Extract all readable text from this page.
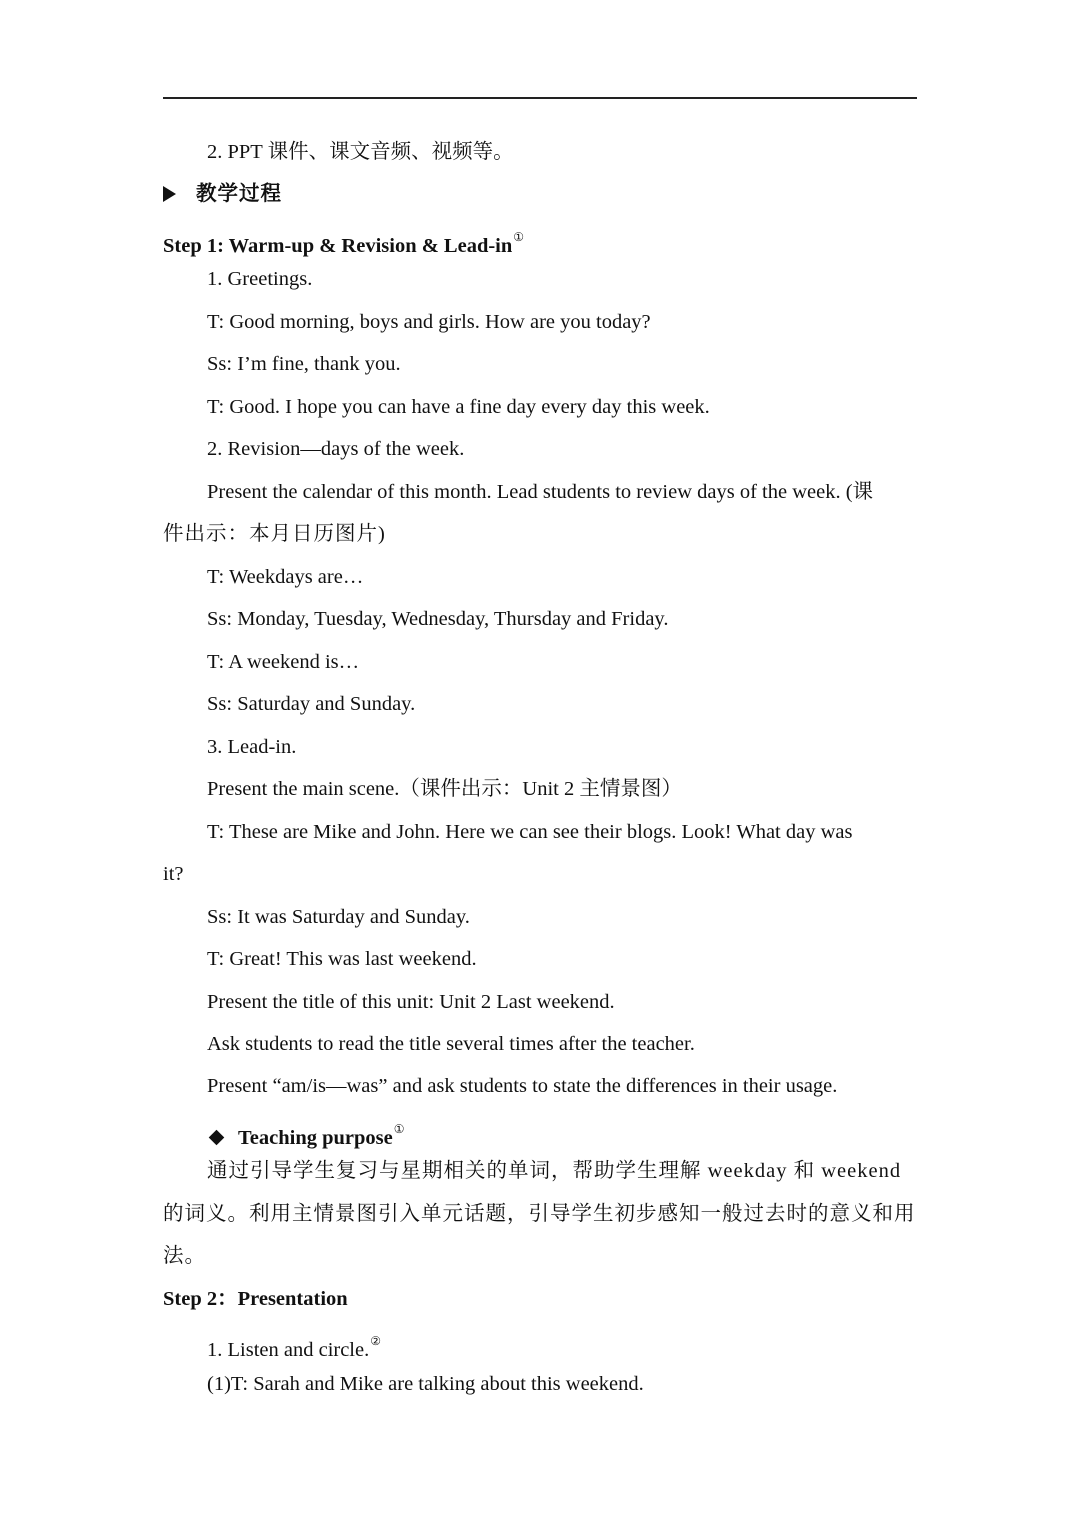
2. PPT 课件、课文音频、视频等。
教学过程
Step 1: Warm-up & Revision & Lead-in①
1. Greetings.
T: Good morning, boys and girls. How are you today?
Ss: I’m fine, thank you.
T: Good. I hope you can have a fine day every day this week.
2. Revision—days of the week.
Present the calendar of this month. Lead students to review days of the week. (课
件出示：本月日历图片)
T: Weekdays are…
Ss: Monday, Tuesday, Wednesday, Thursday and Friday.
T: A weekend is…
Ss: Saturday and Sunday.
3. Lead-in.
Present the main scene.（课件出示：Unit 2 主情景图）
T: These are Mike and John. Here we can see their blogs. Look! What day was
it?
Ss: It was Saturday and Sunday.
T: Great! This was last weekend.
Present the title of this unit: Unit 2 Last weekend.
Ask students to read the title several times after the teacher.
Present “am/is—was” and ask students to state the differences in their usage.
Teaching purpose①
通过引导学生复习与星期相关的单词，帮助学生理解 weekday 和 weekend
的词义。利用主情景图引入单元话题，引导学生初步感知一般过去时的意义和用
法。
Step 2：Presentation
1. Listen and circle.②
(1)T: Sarah and Mike are talking about this weekend.
